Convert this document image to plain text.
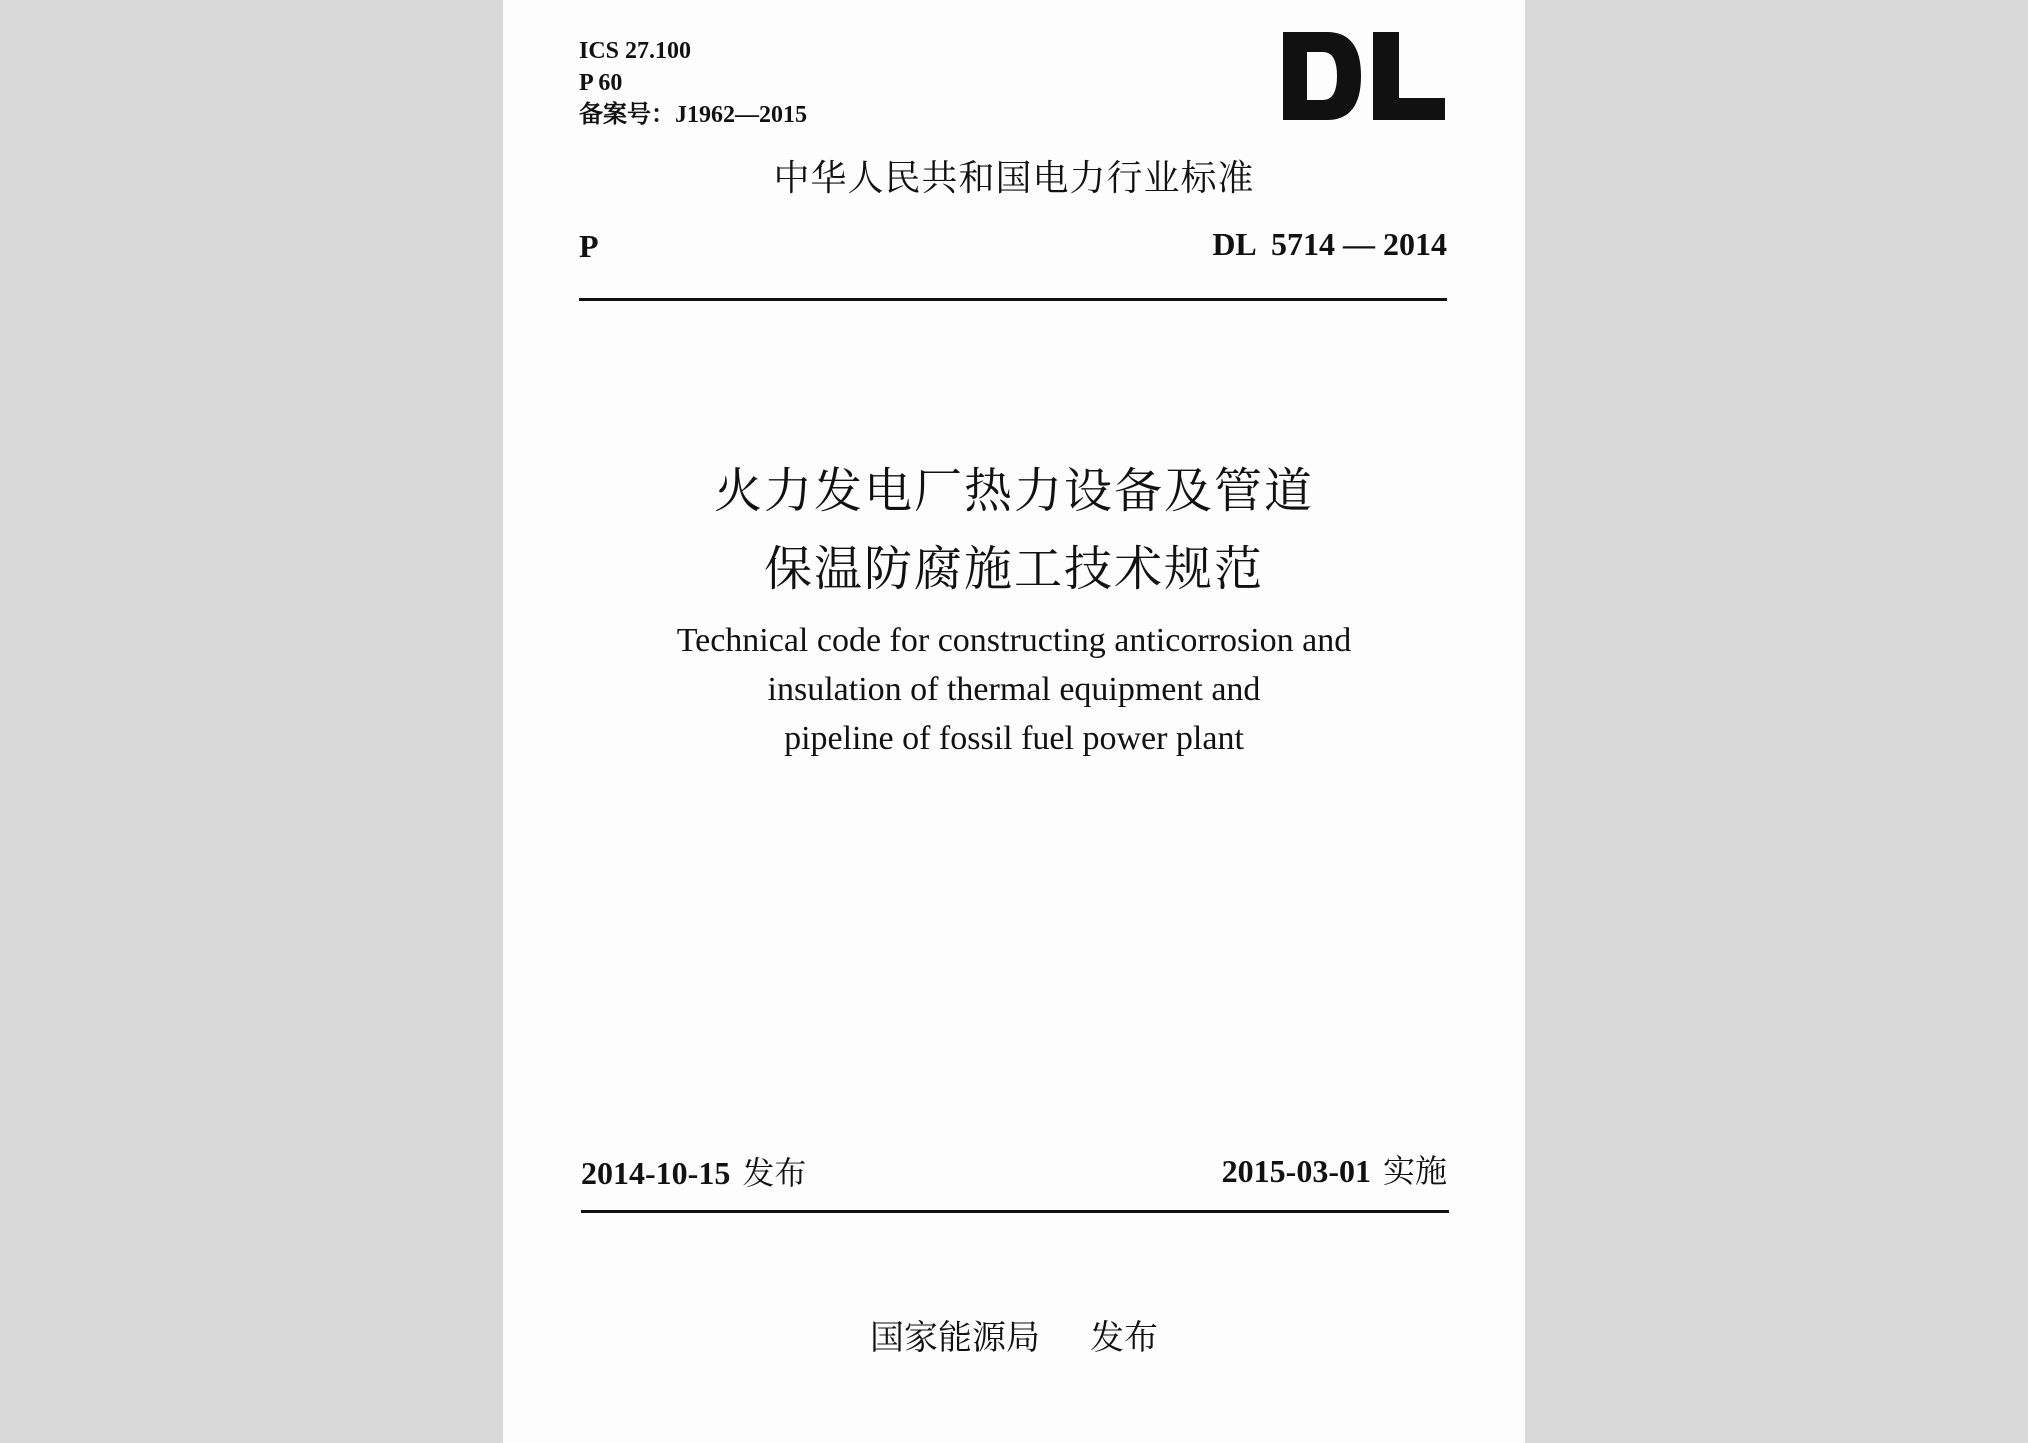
ICS 27.100

P 60

备案号：J1962—2015

中华人民共和国电力行业标准

P	DL  5714 — 2014

火力发电厂热力设备及管道

保温防腐施工技术规范

Technical code for constructing anticorrosion and

insulation of thermal equipment and

pipeline of fossil fuel power plant

2014-10-15 发布	2015-03-01 实施

国家能源局 发布
